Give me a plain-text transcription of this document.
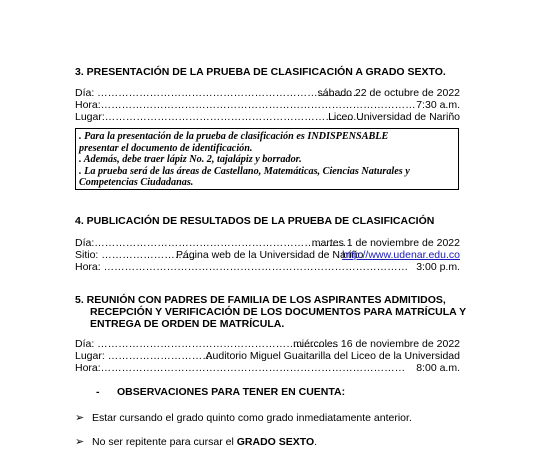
3. PRESENTACIÓN DE LA PRUEBA DE CLASIFICACIÓN A GRADO SEXTO.
Día: …………………………………………………………………
sábado 22 de octubre de 2022
Hora:……………………………………………………………………………… 7:30 a.m.
Lugar:…………………………………………………………………
Liceo Universidad de Nariño
. Para la presentación de la prueba de clasificación es INDISPENSABLE
presentar el documento de identificación.
. Además, debe traer lápiz No. 2, tajalápiz y borrador.
. La prueba será de las áreas de Castellano, Matemáticas, Ciencias Naturales y
Competencias Ciudadanas.
4. PUBLICACIÓN DE RESULTADOS DE LA PRUEBA DE CLASIFICACIÓN
Día:………………………………………………………………
martes 1 de noviembre de 2022
Sitio: ………………………
Página web de la Universidad de Nariño
http://www.udenar.edu.co
Hora: …………………………………………………………………………… 3:00 p.m.
5. REUNIÓN CON PADRES DE FAMILIA DE LOS ASPIRANTES ADMITIDOS,
RECEPCIÓN Y VERIFICACIÓN DE LOS DOCUMENTOS PARA MATRÍCULA Y
ENTREGA DE ORDEN DE MATRÍCULA.
Día: ……………………………………………………………
miércoles 16 de noviembre de 2022
Lugar: …………………………
Auditorio Miguel Guaitarilla del Liceo de la Universidad
Hora:…………………………………………………………………………… 8:00 a.m.
- OBSERVACIONES PARA TENER EN CUENTA:
➢ Estar cursando el grado quinto como grado inmediatamente anterior.
➢ No ser repitente para cursar el GRADO SEXTO.
